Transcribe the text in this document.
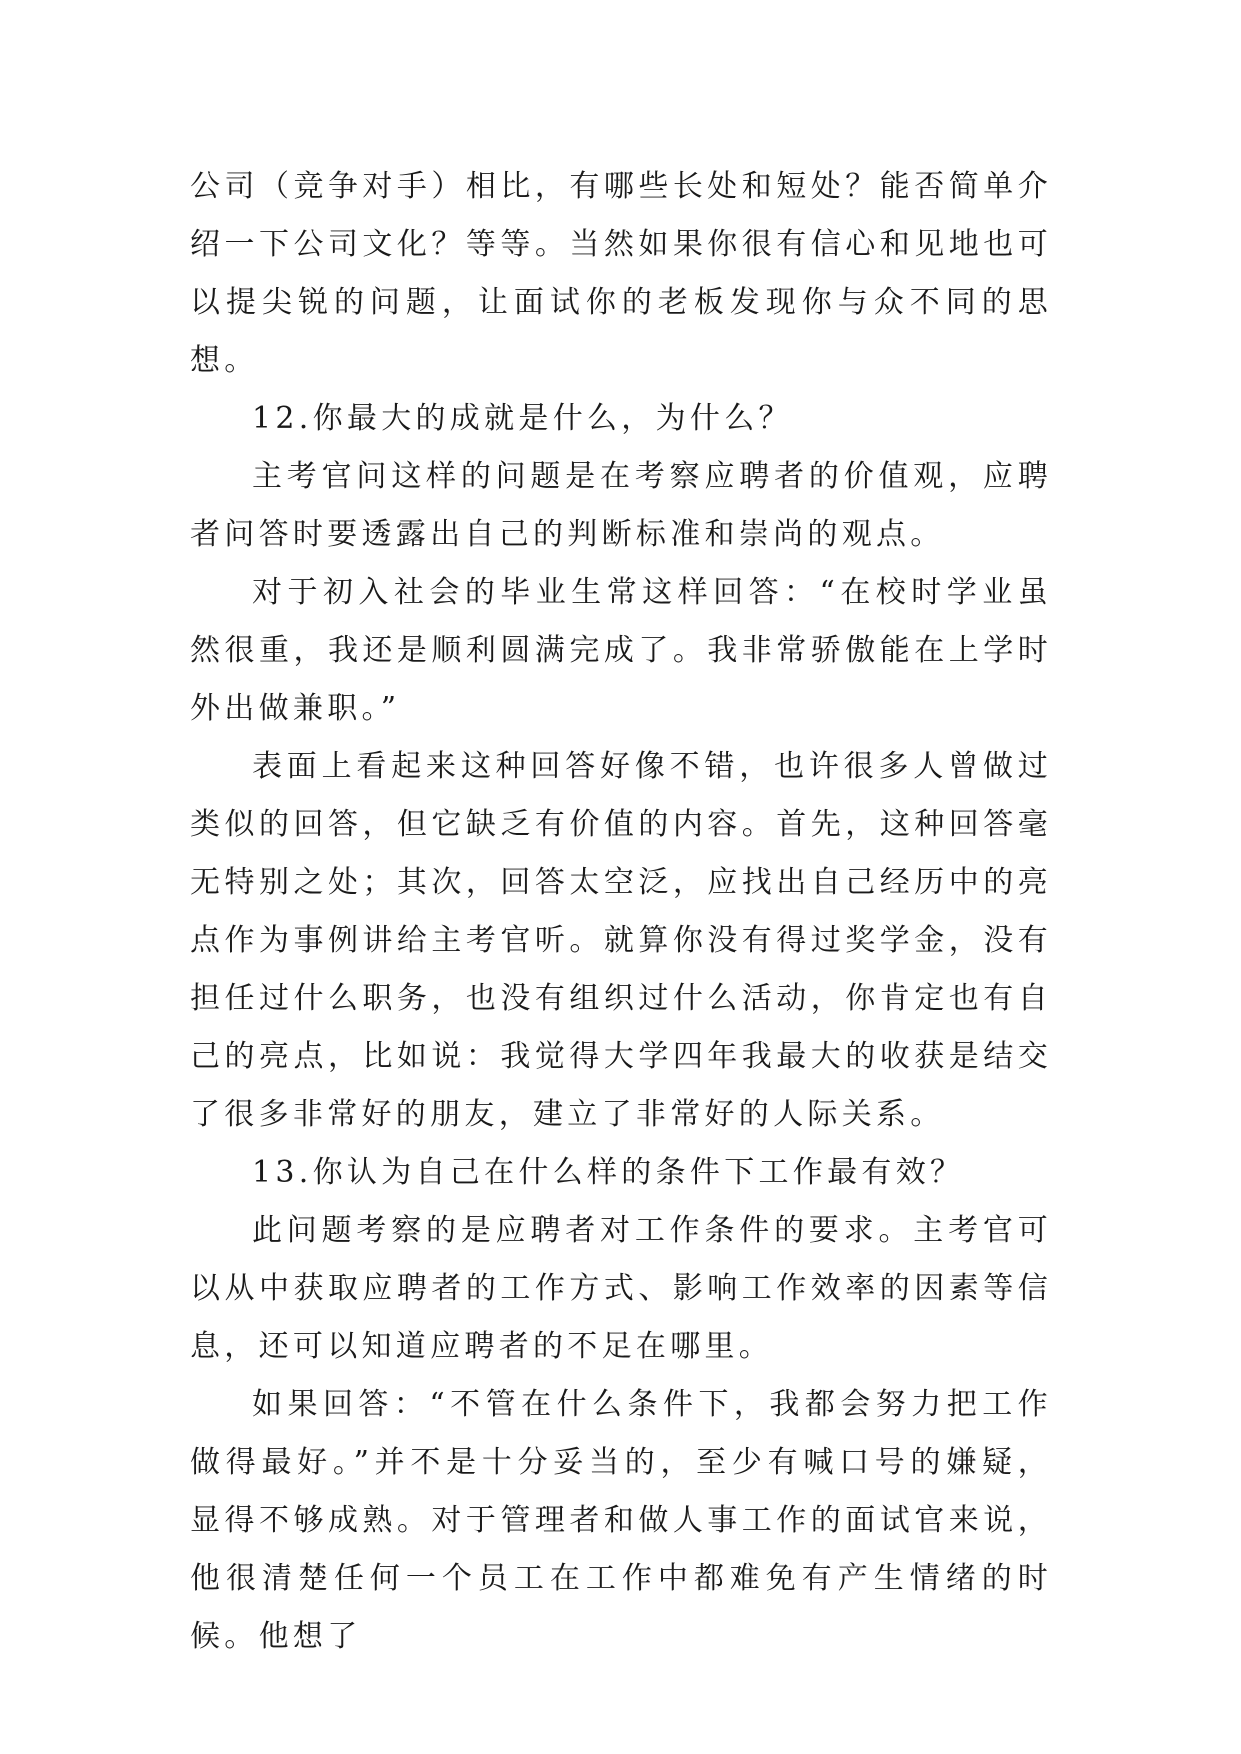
公司（竞争对手）相比，有哪些长处和短处？能否简单介绍一下公司文化？等等。当然如果你很有信心和见地也可以提尖锐的问题，让面试你的老板发现你与众不同的思想。

12.你最大的成就是什么，为什么？

主考官问这样的问题是在考察应聘者的价值观，应聘者问答时要透露出自己的判断标准和崇尚的观点。

对于初入社会的毕业生常这样回答：“在校时学业虽然很重，我还是顺利圆满完成了。我非常骄傲能在上学时外出做兼职。”

表面上看起来这种回答好像不错，也许很多人曾做过类似的回答，但它缺乏有价值的内容。首先，这种回答毫无特别之处；其次，回答太空泛，应找出自己经历中的亮点作为事例讲给主考官听。就算你没有得过奖学金，没有担任过什么职务，也没有组织过什么活动，你肯定也有自己的亮点，比如说：我觉得大学四年我最大的收获是结交了很多非常好的朋友，建立了非常好的人际关系。

13.你认为自己在什么样的条件下工作最有效？

此问题考察的是应聘者对工作条件的要求。主考官可以从中获取应聘者的工作方式、影响工作效率的因素等信息，还可以知道应聘者的不足在哪里。

如果回答：“不管在什么条件下，我都会努力把工作做得最好。”并不是十分妥当的，至少有喊口号的嫌疑，显得不够成熟。对于管理者和做人事工作的面试官来说，他很清楚任何一个员工在工作中都难免有产生情绪的时候。他想了
